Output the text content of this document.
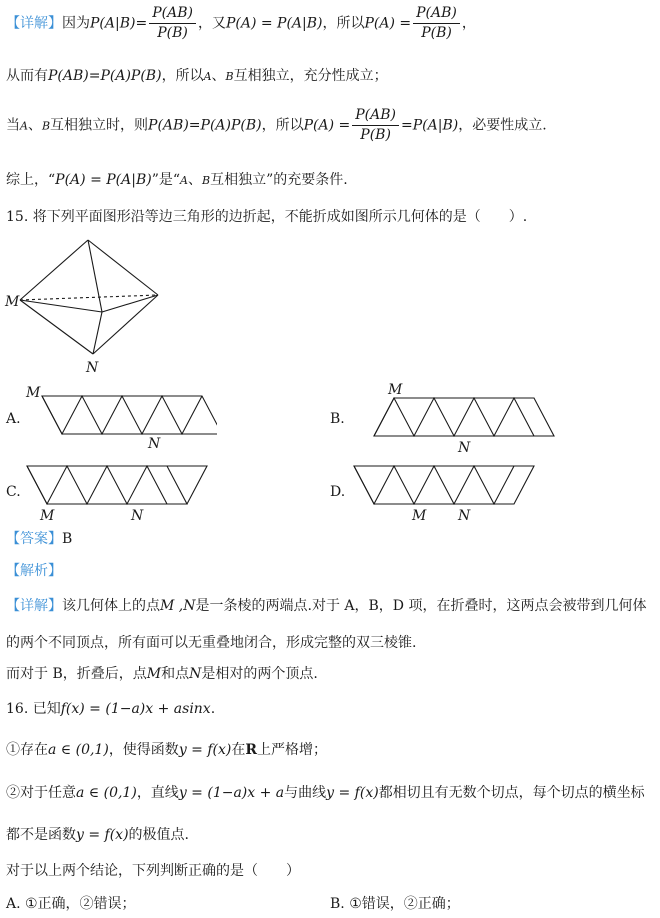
【详解】因为$P(A|B)= \frac{P(AB)}{P(B)}$ ，又P(A) = P(A|B)，所以$P(A) = \frac{P(AB)}{P(B)}$ ，
从而有P(AB)=P(A)P(B)，所以A、B互相独立，充分性成立；
当A、B互相独立时，则P(AB)=P(A)P(B)，所以$P(A) = \frac{P(AB)}{P(B)} =P(A|B)$，必要性成立.
综上，“P(A) = P(A|B)”是“A、B互相独立”的充要条件.
15. 将下列平面图形沿等边三角形的边折起，不能折成如图所示几何体的是（　　）.
M
N
A.
M
N
B.
M
N
C.
M	N
D.
M N
【答案】B
【解析】
【详解】该几何体上的点M ,N是一条棱的两端点.对于 A，B，D 项，在折叠时，这两点会被带到几何体
的两个不同顶点，所有面可以无重叠地闭合，形成完整的双三棱锥.
而对于 B，折叠后，点M和点N是相对的两个顶点.
16. 已知f(x) = (1−a)x + asinx.
①存在a ∈ (0,1)，使得函数y = f(x)在R上严格增；
②对于任意a ∈ (0,1)，直线y = (1−a)x + a与曲线y = f(x)都相切且有无数个切点，每个切点的横坐标
都不是函数y = f(x)的极值点.
对于以上两个结论，下列判断正确的是（　　）
A. ①正确，②错误；	B. ①错误，②正确；
